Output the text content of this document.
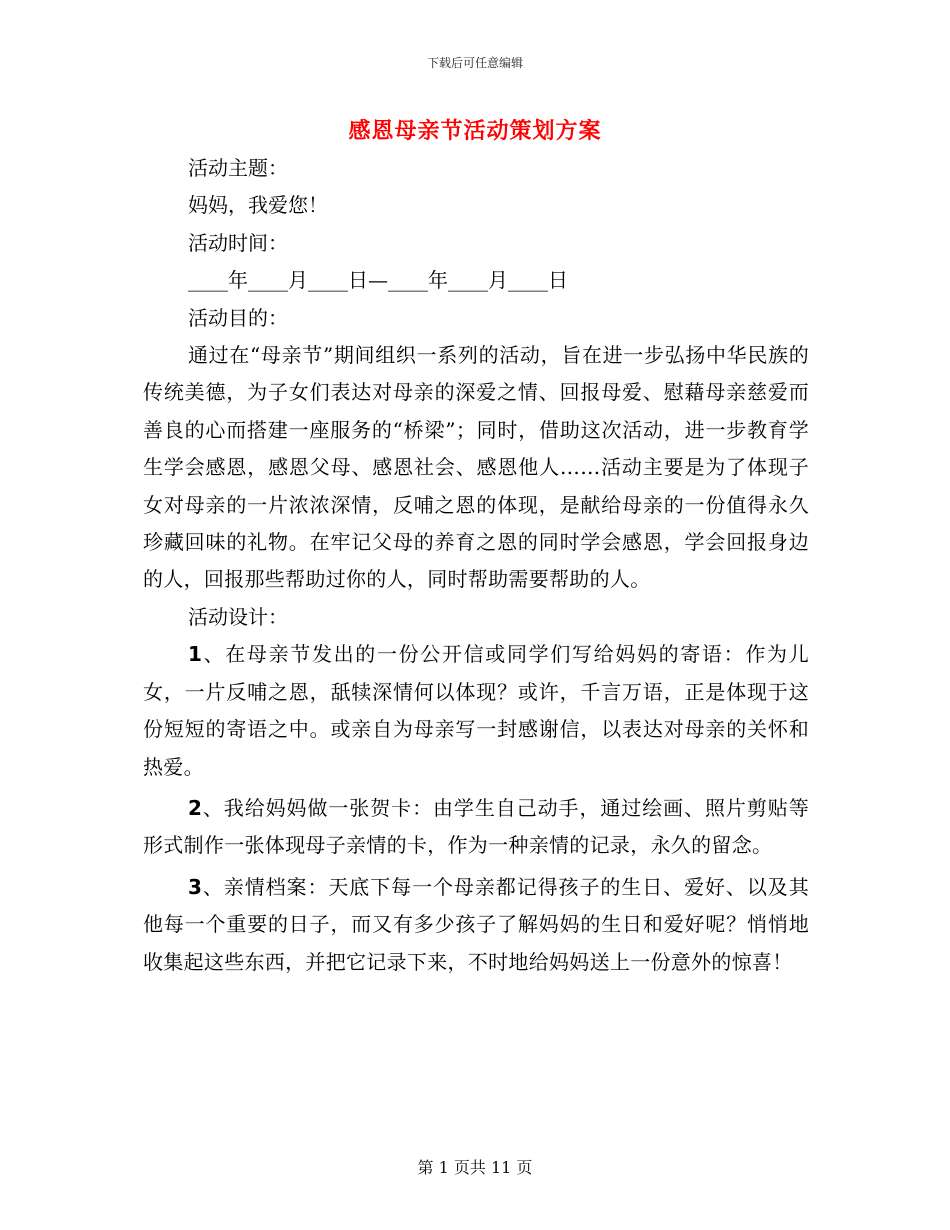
下载后可任意编辑
感恩母亲节活动策划方案

活动主题：

妈妈，我爱您！

活动时间：

____年____月____日—____年____月____日

活动目的：

通过在“母亲节”期间组织一系列的活动，旨在进一步弘扬中华民族的传统美德，为子女们表达对母亲的深爱之情、回报母爱、慰藉母亲慈爱而善良的心而搭建一座服务的“桥梁”；同时，借助这次活动，进一步教育学生学会感恩，感恩父母、感恩社会、感恩他人……活动主要是为了体现子女对母亲的一片浓浓深情，反哺之恩的体现，是献给母亲的一份值得永久珍藏回味的礼物。在牢记父母的养育之恩的同时学会感恩，学会回报身边的人，回报那些帮助过你的人，同时帮助需要帮助的人。

活动设计：

1、在母亲节发出的一份公开信或同学们写给妈妈的寄语：作为儿女，一片反哺之恩，舐犊深情何以体现？或许，千言万语，正是体现于这份短短的寄语之中。或亲自为母亲写一封感谢信，以表达对母亲的关怀和热爱。

2、我给妈妈做一张贺卡：由学生自己动手，通过绘画、照片剪贴等形式制作一张体现母子亲情的卡，作为一种亲情的记录，永久的留念。

3、亲情档案：天底下每一个母亲都记得孩子的生日、爱好、以及其他每一个重要的日子，而又有多少孩子了解妈妈的生日和爱好呢？悄悄地收集起这些东西，并把它记录下来，不时地给妈妈送上一份意外的惊喜！

第 1 页共 11 页
